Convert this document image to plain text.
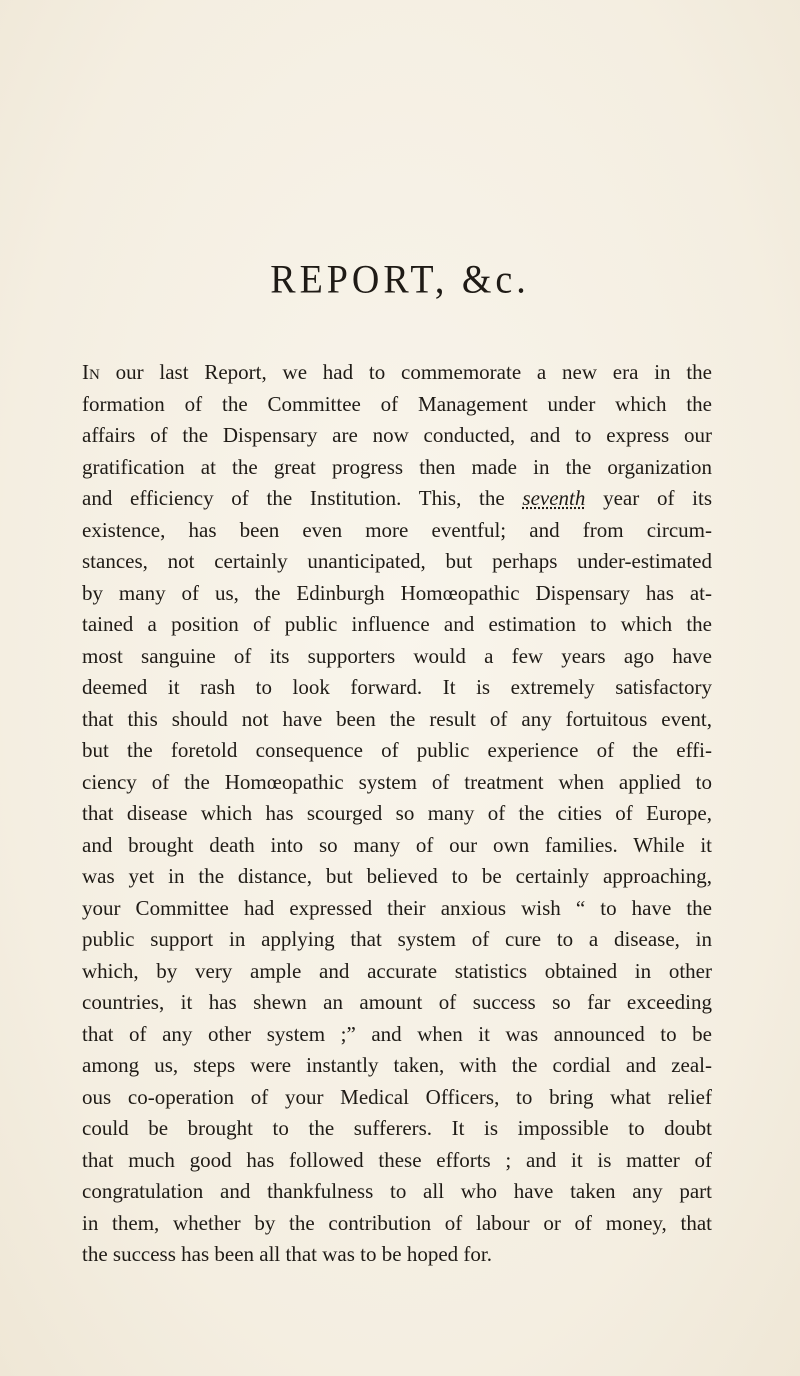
REPORT, &c.
In our last Report, we had to commemorate a new era in the
formation of the Committee of Management under which the
affairs of the Dispensary are now conducted, and to express our
gratification at the great progress then made in the organization
and efficiency of the Institution. This, the seventh year of its
existence, has been even more eventful; and from circum-
stances, not certainly unanticipated, but perhaps under-estimated
by many of us, the Edinburgh Homœopathic Dispensary has at-
tained a position of public influence and estimation to which the
most sanguine of its supporters would a few years ago have
deemed it rash to look forward. It is extremely satisfactory
that this should not have been the result of any fortuitous event,
but the foretold consequence of public experience of the effi-
ciency of the Homœopathic system of treatment when applied to
that disease which has scourged so many of the cities of Europe,
and brought death into so many of our own families. While it
was yet in the distance, but believed to be certainly approaching,
your Committee had expressed their anxious wish “ to have the
public support in applying that system of cure to a disease, in
which, by very ample and accurate statistics obtained in other
countries, it has shewn an amount of success so far exceeding
that of any other system ;” and when it was announced to be
among us, steps were instantly taken, with the cordial and zeal-
ous co-operation of your Medical Officers, to bring what relief
could be brought to the sufferers. It is impossible to doubt
that much good has followed these efforts ; and it is matter of
congratulation and thankfulness to all who have taken any part
in them, whether by the contribution of labour or of money, that
the success has been all that was to be hoped for.
